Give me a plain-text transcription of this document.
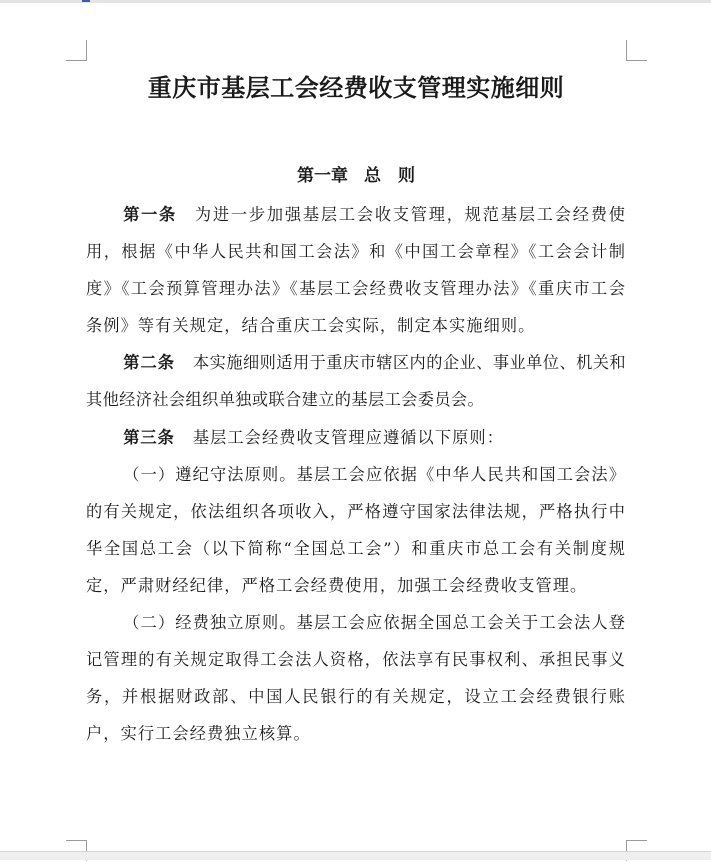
重庆市基层工会经费收支管理实施细则
第一章 总　则

第一条 为进一步加强基层工会收支管理，规范基层工会经费使用，根据《中华人民共和国工会法》和《中国工会章程》《工会会计制度》《工会预算管理办法》《基层工会经费收支管理办法》《重庆市工会条例》等有关规定，结合重庆工会实际，制定本实施细则。

第二条 本实施细则适用于重庆市辖区内的企业、事业单位、机关和其他经济社会组织单独或联合建立的基层工会委员会。

第三条 基层工会经费收支管理应遵循以下原则：

（一）遵纪守法原则。基层工会应依据《中华人民共和国工会法》的有关规定，依法组织各项收入，严格遵守国家法律法规，严格执行中华全国总工会（以下简称“全国总工会”）和重庆市总工会有关制度规定，严肃财经纪律，严格工会经费使用，加强工会经费收支管理。

（二）经费独立原则。基层工会应依据全国总工会关于工会法人登记管理的有关规定取得工会法人资格，依法享有民事权利、承担民事义务，并根据财政部、中国人民银行的有关规定，设立工会经费银行账户，实行工会经费独立核算。
